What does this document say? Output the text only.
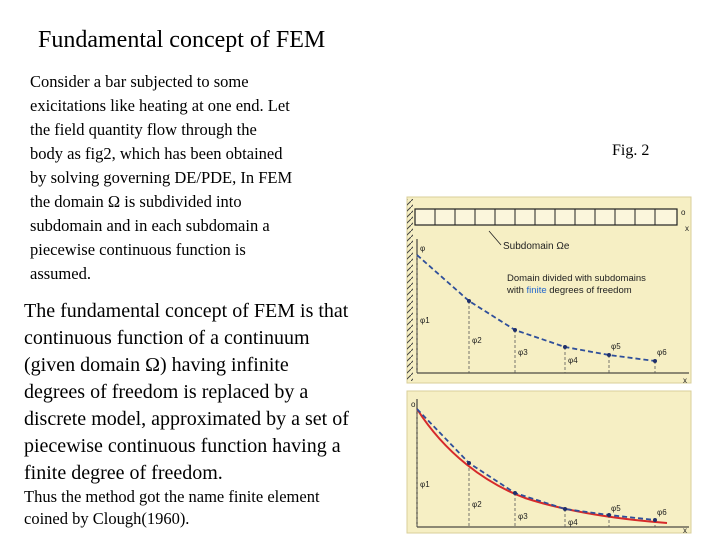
Fundamental concept of FEM
Consider a bar subjected to some
exicitations like heating at one end. Let
the field quantity flow through the
body as fig2, which has been obtained
by solving governing DE/PDE, In FEM
the domain Ω is subdivided into
subdomain and in each subdomain a
piecewise continuous function is
assumed.
The fundamental concept of FEM is that
continuous function of a continuum
(given domain Ω) having infinite
degrees of freedom is replaced by a
discrete model, approximated by a set of
piecewise continuous function having a
finite degree of freedom.
Thus the method got the name finite element
coined by Clough(1960).
Fig. 2
o
x
Subdomain Ωe
φ
x
Domain divided with subdomains
with finite degrees of freedom
φ1
φ2
φ3
φ4
φ5
φ6
o
x
φ1
φ2
φ3
φ4
φ5	φ6
